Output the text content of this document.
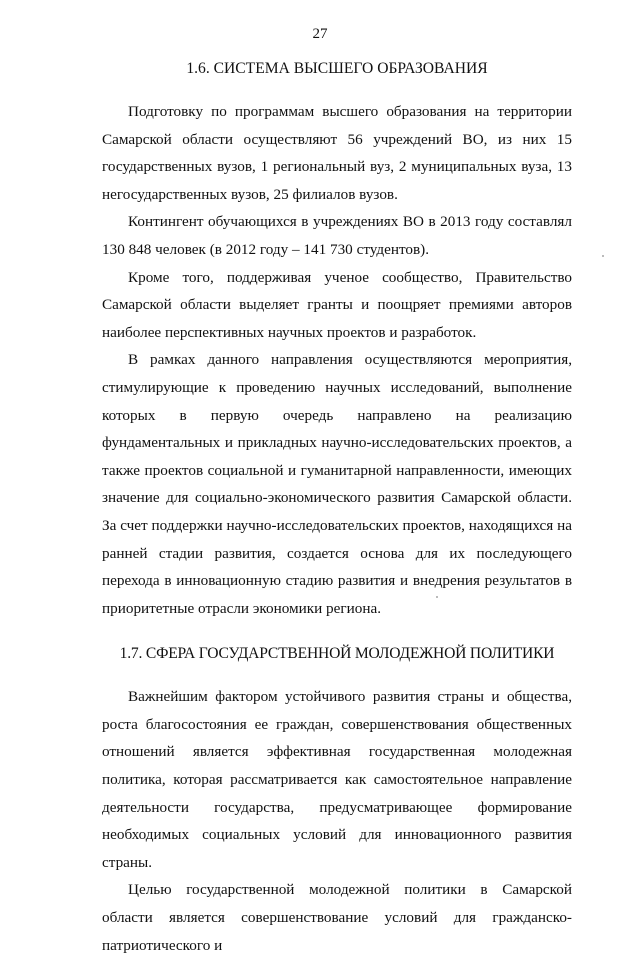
27
1.6. СИСТЕМА ВЫСШЕГО ОБРАЗОВАНИЯ

Подготовку по программам высшего образования на территории Самарской области осуществляют 56 учреждений ВО, из них 15 государственных вузов, 1 региональный вуз, 2 муниципальных вуза, 13 негосударственных вузов, 25 филиалов вузов.

Контингент обучающихся в учреждениях ВО в 2013 году составлял 130 848 человек (в 2012 году – 141 730 студентов).

Кроме того, поддерживая ученое сообщество, Правительство Самарской области выделяет гранты и поощряет премиями авторов наиболее перспективных научных проектов и разработок.

В рамках данного направления осуществляются мероприятия, стимулирующие к проведению научных исследований, выполнение которых в первую очередь направлено на реализацию фундаментальных и прикладных научно-исследовательских проектов, а также проектов социальной и гуманитарной направленности, имеющих значение для социально-экономического развития Самарской области. За счет поддержки научно-исследовательских проектов, находящихся на ранней стадии развития, создается основа для их последующего перехода в инновационную стадию развития и внедрения результатов в приоритетные отрасли экономики региона.

1.7. СФЕРА ГОСУДАРСТВЕННОЙ МОЛОДЕЖНОЙ ПОЛИТИКИ

Важнейшим фактором устойчивого развития страны и общества, роста благосостояния ее граждан, совершенствования общественных отношений является эффективная государственная молодежная политика, которая рассматривается как самостоятельное направление деятельности государства, предусматривающее формирование необходимых социальных условий для инновационного развития страны.

Целью государственной молодежной политики в Самарской области является совершенствование условий для гражданско-патриотического и
